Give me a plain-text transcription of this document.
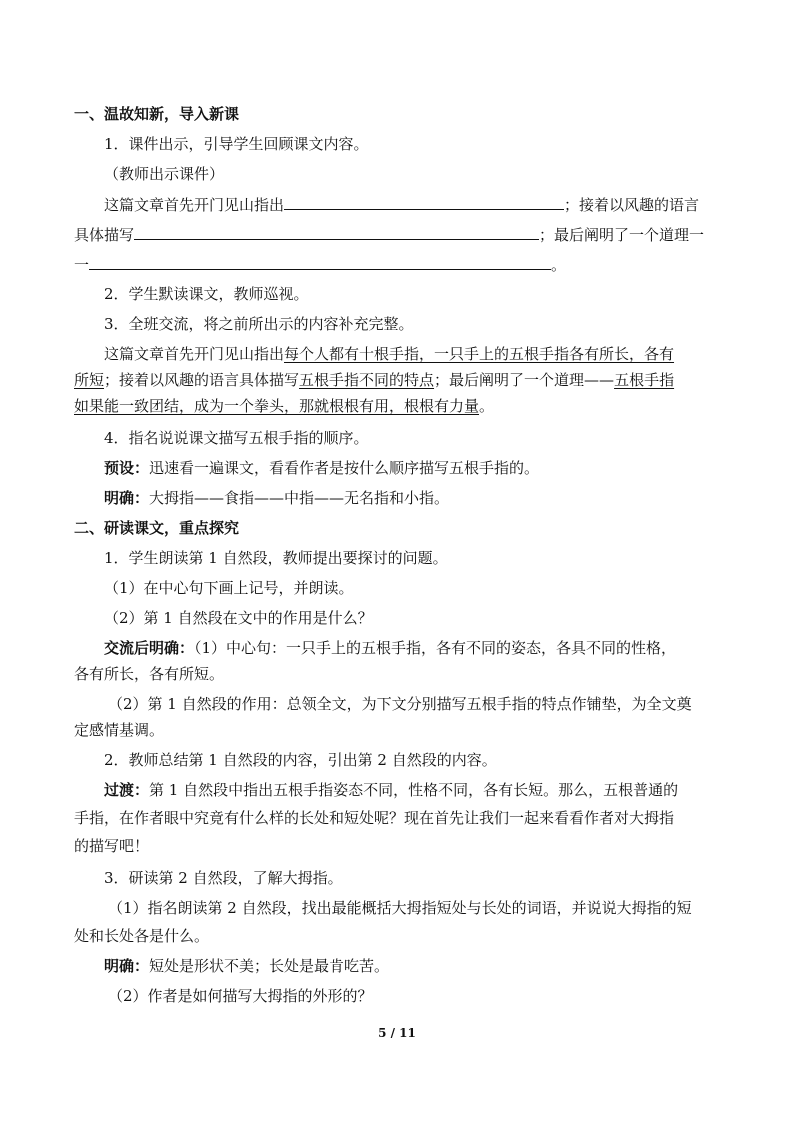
一、温故知新，导入新课
1．课件出示，引导学生回顾课文内容。
（教师出示课件）
这篇文章首先开门见山指出	；接着以风趣的语言
具体描写	；最后阐明了一个道理一
一	。
2．学生默读课文，教师巡视。
3．全班交流，将之前所出示的内容补充完整。
这篇文章首先开门见山指出每个人都有十根手指，一只手上的五根手指各有所长，各有
所短；接着以风趣的语言具体描写五根手指不同的特点；最后阐明了一个道理——五根手指
如果能一致团结，成为一个拳头，那就根根有用，根根有力量。
4．指名说说课文描写五根手指的顺序。
预设：迅速看一遍课文，看看作者是按什么顺序描写五根手指的。
明确：大拇指——食指——中指——无名指和小指。
二、研读课文，重点探究
1．学生朗读第 1 自然段，教师提出要探讨的问题。
（1）在中心句下画上记号，并朗读。
（2）第 1 自然段在文中的作用是什么？
交流后明确：（1）中心句：一只手上的五根手指，各有不同的姿态，各具不同的性格，
各有所长，各有所短。
（2）第 1 自然段的作用：总领全文，为下文分别描写五根手指的特点作铺垫，为全文奠
定感情基调。
2．教师总结第 1 自然段的内容，引出第 2 自然段的内容。
过渡：第 1 自然段中指出五根手指姿态不同，性格不同，各有长短。那么，五根普通的
手指，在作者眼中究竟有什么样的长处和短处呢？现在首先让我们一起来看看作者对大拇指
的描写吧！
3．研读第 2 自然段，了解大拇指。
（1）指名朗读第 2 自然段，找出最能概括大拇指短处与长处的词语，并说说大拇指的短
处和长处各是什么。
明确：短处是形状不美；长处是最肯吃苦。
（2）作者是如何描写大拇指的外形的？
5 / 11
